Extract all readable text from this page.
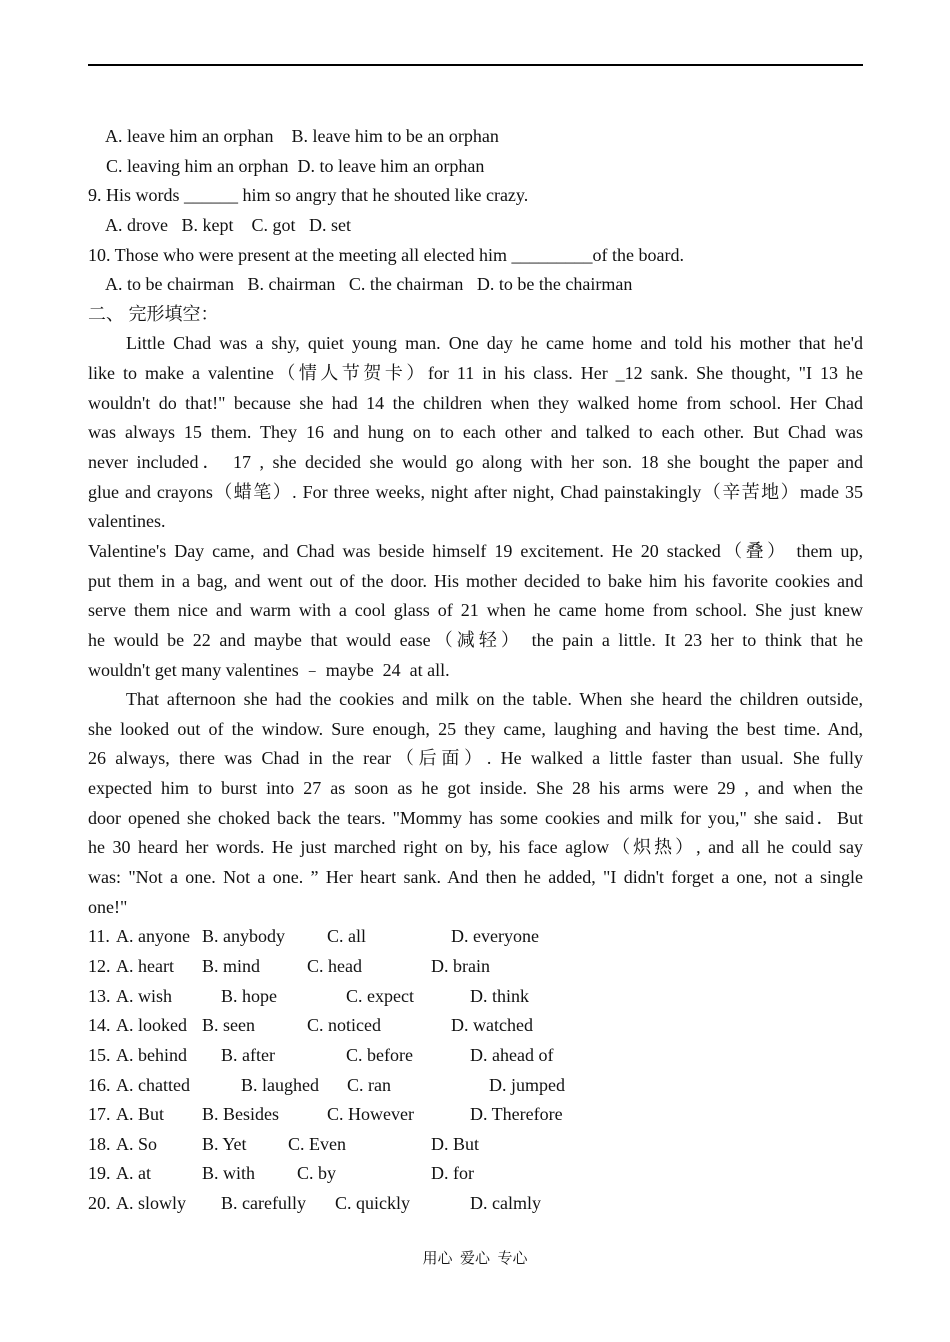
A. leave him an orphan    B. leave him to be an orphan
C. leaving him an orphan  D. to leave him an orphan
9. His words ______ him so angry that he shouted like crazy.
A. drove   B. kept    C. got   D. set
10. Those who were present at the meeting all elected him _________of the board.
A. to be chairman   B. chairman   C. the chairman   D. to be the chairman
二、 完形填空：
Little Chad was a shy, quiet young man. One day he came home and told his mother that he'd
like to make a valentine（情人节贺卡）for 11 in his class. Her _12 sank. She thought, "I 13 he
wouldn't do that!" because she had 14 the children when they walked home from school. Her Chad
was always 15 them. They 16 and hung on to each other and talked to each other. But Chad was
never included． 17 , she decided she would go along with her son. 18 she bought the paper and
glue and crayons（蜡笔）. For three weeks, night after night, Chad painstakingly（辛苦地）made 35
valentines.
Valentine's Day came, and Chad was beside himself 19 excitement. He 20 stacked（叠） them up,
put them in a bag, and went out of the door. His mother decided to bake him his favorite cookies and
serve them nice and warm with a cool glass of 21 when he came home from school. She just knew
he would be 22 and maybe that would ease（减轻） the pain a little. It 23 her to think that he
wouldn't get many valentines ﹣ maybe  24  at all.
That afternoon she had the cookies and milk on the table. When she heard the children outside,
she looked out of the window. Sure enough, 25 they came, laughing and having the best time. And,
26 always, there was Chad in the rear（后面）. He walked a little faster than usual. She fully
expected him to burst into 27 as soon as he got inside. She 28 his arms were 29 , and when the
door opened she choked back the tears. "Mommy has some cookies and milk for you," she said．But
he 30 heard her words. He just marched right on by, his face aglow（炽热）, and all he could say
was: "Not a one. Not a one. ” Her heart sank. And then he added, "I didn't forget a one, not a single
one!"
11. A. anyone B. anybody C. all	D. everyone
12. A. heart B. mind	C. head	D. brain
13. A. wish	B. hope	C. expect	D. think
14. A. looked B. seen	C. noticed	D. watched
15. A. behind B. after	C. before	D. ahead of
16. A. chatted	B. laughed C. ran	D. jumped
17. A. But B. Besides	C. However	D. Therefore
18. A. So B. Yet C. Even	D. But
19. A. at	B. with C. by	D. for
20. A. slowly B. carefully C. quickly	D. calmly
用心  爱心  专心
